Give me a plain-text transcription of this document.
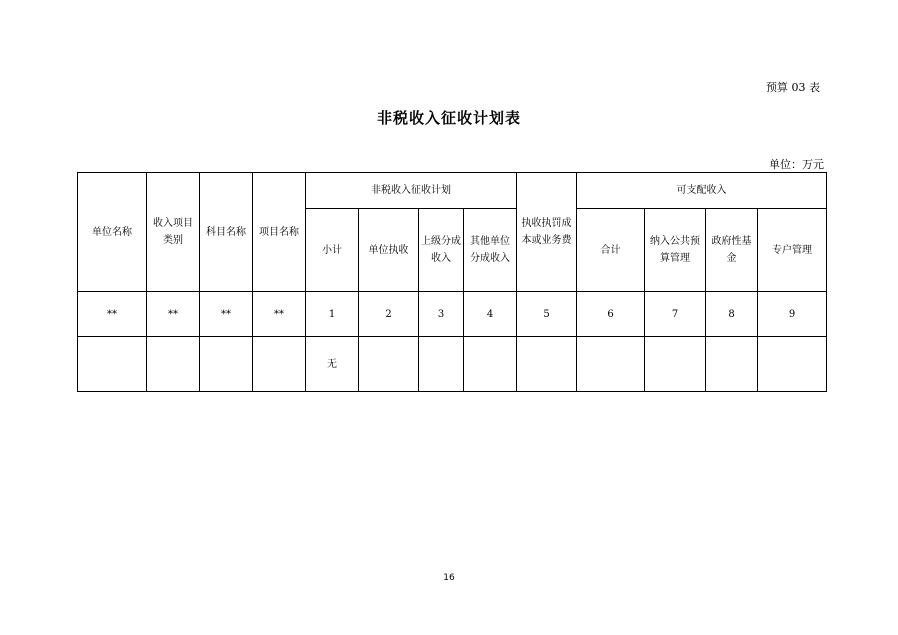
预算 03 表
非税收入征收计划表
单位：万元
单位名称	收入项目类别	科目名称	项目名称	非税收入征收计划				执收执罚成本或业务费	可支配收入			
				小计	单位执收	上级分成收入	其他单位分成收入		合计	纳入公共预算管理	政府性基金	专户管理
**	**	**	**	1	2	3	4	5	6	7	8	9
				无								
16
